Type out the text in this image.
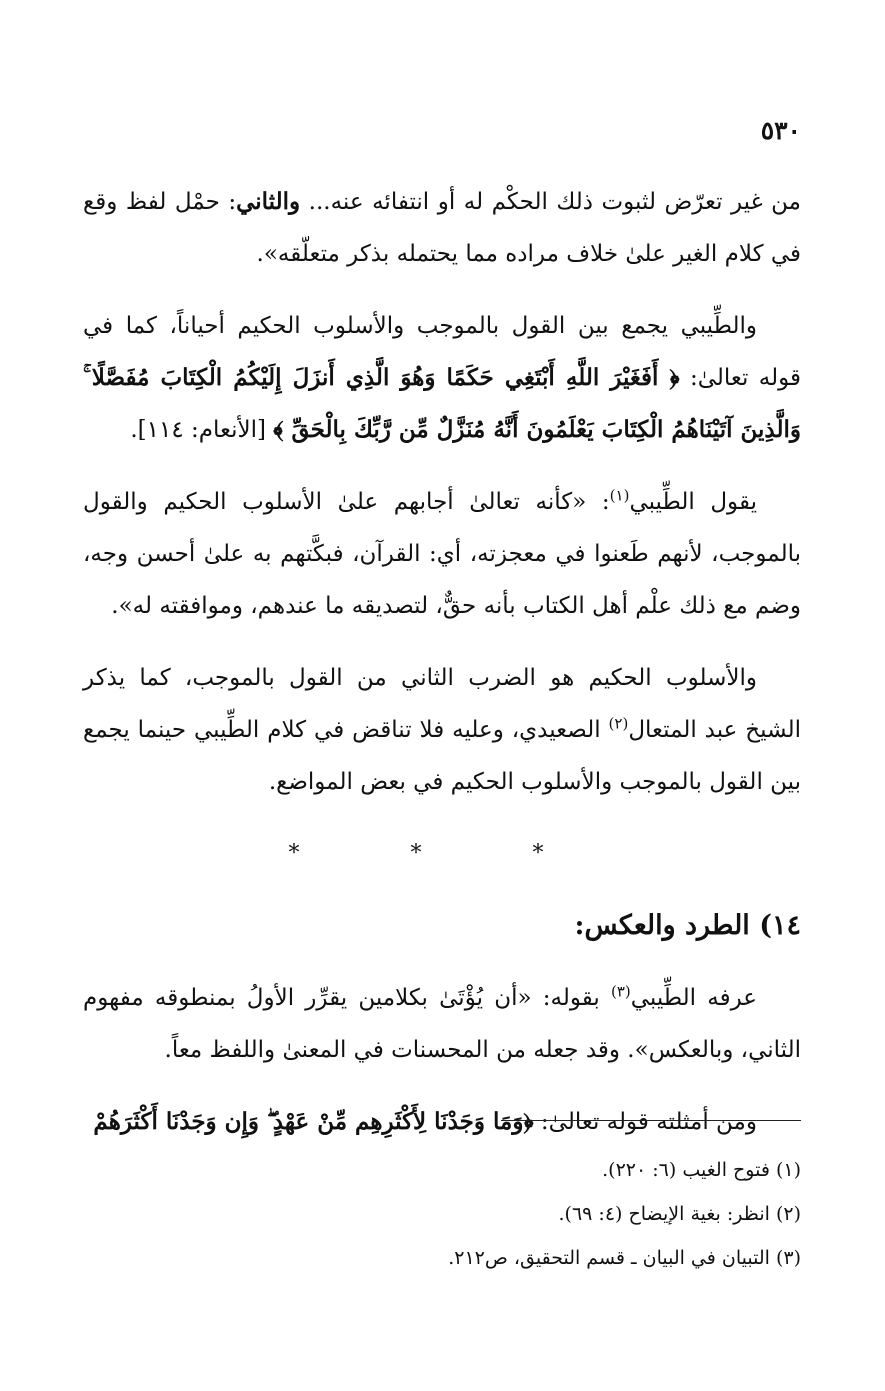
٥٣٠

من غير تعرّض لثبوت ذلك الحكْم له أو انتفائه عنه... والثاني: حمْل لفظ وقع في كلام الغير علىٰ خلاف مراده مما يحتمله بذكر متعلّقه».

والطِّيبي يجمع بين القول بالموجب والأسلوب الحكيم أحياناً، كما في قوله تعالىٰ: ﴿ أَفَغَيْرَ اللَّهِ أَبْتَغِي حَكَمًا وَهُوَ الَّذِي أَنزَلَ إِلَيْكُمُ الْكِتَابَ مُفَصَّلًا ۚ وَالَّذِينَ آتَيْنَاهُمُ الْكِتَابَ يَعْلَمُونَ أَنَّهُ مُنَزَّلٌ مِّن رَّبِّكَ بِالْحَقِّ ﴾ [الأنعام: ١١٤].

يقول الطِّيبي$^{(١)}$: «كأنه تعالىٰ أجابهم علىٰ الأسلوب الحكيم والقول بالموجب، لأنهم طَعنوا في معجزته، أي: القرآن، فبكَّتهم به علىٰ أحسن وجه، وضم مع ذلك علْم أهل الكتاب بأنه حقٌّ، لتصديقه ما عندهم، وموافقته له».

والأسلوب الحكيم هو الضرب الثاني من القول بالموجب، كما يذكر الشيخ عبد المتعال$^{(٢)}$ الصعيدي، وعليه فلا تناقض في كلام الطِّيبي حينما يجمع بين القول بالموجب والأسلوب الحكيم في بعض المواضع.

* * *

١٤) الطرد والعكس:

عرفه الطِّيبي$^{(٣)}$ بقوله: «أن يُؤْتَىٰ بكلامين يقرِّر الأولُ بمنطوقه مفهوم الثاني، وبالعكس». وقد جعله من المحسنات في المعنىٰ واللفظ معاً.

ومن أمثلته قوله تعالىٰ: ﴿وَمَا وَجَدْنَا لِأَكْثَرِهِم مِّنْ عَهْدٍ ۖ وَإِن وَجَدْنَا أَكْثَرَهُمْ

(١) فتوح الغيب (٦: ٢٢٠).
(٢) انظر: بغية الإيضاح (٤: ٦٩).
(٣) التبيان في البيان ـ قسم التحقيق، ص٢١٢.
